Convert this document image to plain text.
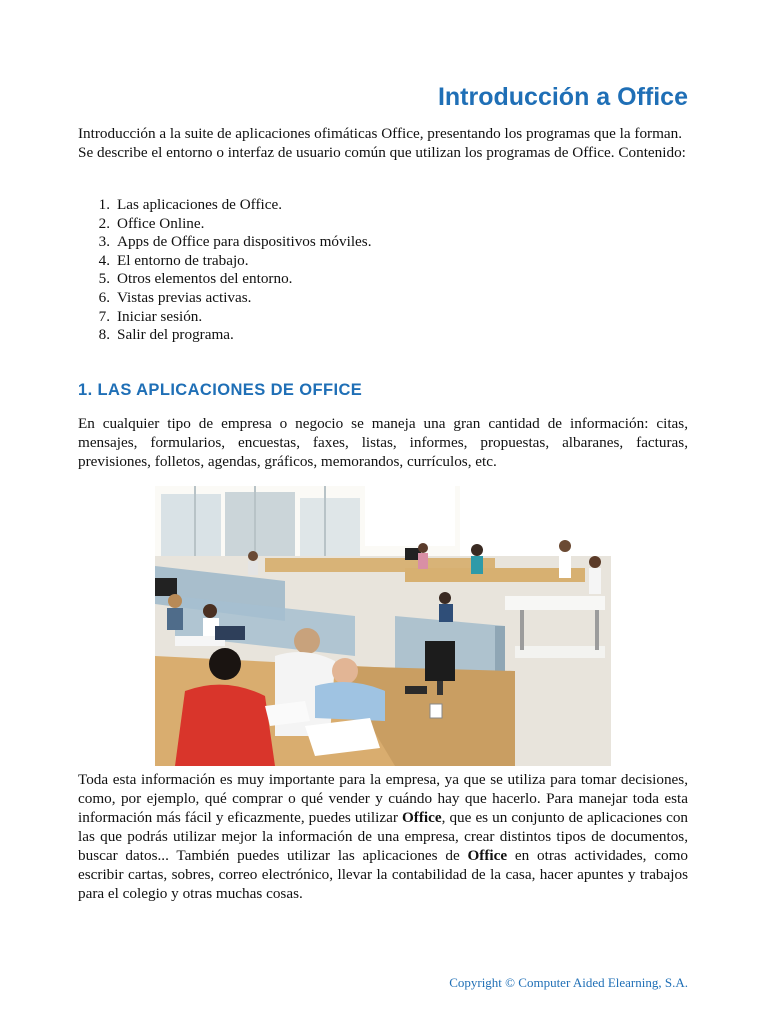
Introducción a Office

Introducción a la suite de aplicaciones ofimáticas Office, presentando los programas que la forman. Se describe el entorno o interfaz de usuario común que utilizan los programas de Office. Contenido:

1. Las aplicaciones de Office.
2. Office Online.
3. Apps de Office para dispositivos móviles.
4. El entorno de trabajo.
5. Otros elementos del entorno.
6. Vistas previas activas.
7. Iniciar sesión.
8. Salir del programa.
1. LAS APLICACIONES DE OFFICE

En cualquier tipo de empresa o negocio se maneja una gran cantidad de información: citas, mensajes, formularios, encuestas, faxes, listas, informes, propuestas, albaranes, facturas, previsiones, folletos, agendas, gráficos, memorandos, currículos, etc.

Toda esta información es muy importante para la empresa, ya que se utiliza para tomar decisiones, como, por ejemplo, qué comprar o qué vender y cuándo hay que hacerlo. Para manejar toda esta información más fácil y eficazmente, puedes utilizar Office, que es un conjunto de aplicaciones con las que podrás utilizar mejor la información de una empresa, crear distintos tipos de documentos, buscar datos... También puedes utilizar las aplicaciones de Office en otras actividades, como escribir cartas, sobres, correo electrónico, llevar la contabilidad de la casa, hacer apuntes y trabajos para el colegio y otras muchas cosas.

Copyright © Computer Aided Elearning, S.A.
